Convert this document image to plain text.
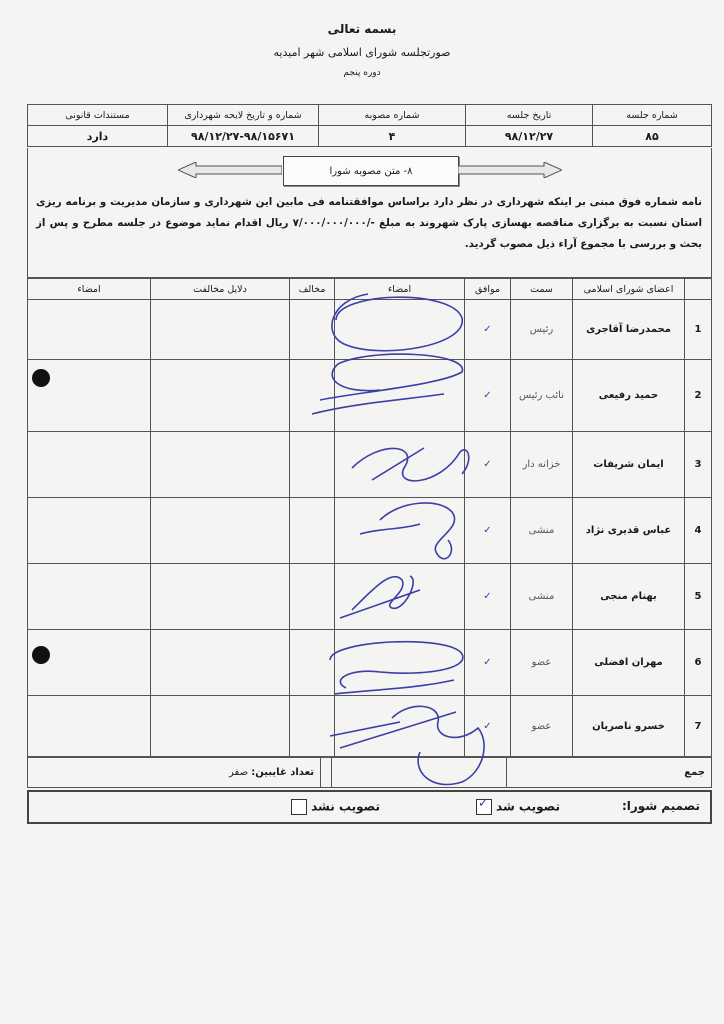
بسمه تعالی
صورتجلسه شورای اسلامی شهر امیدیه
دوره پنجم
شماره جلسه	تاریخ جلسه	شماره مصوبه	شماره و تاریخ لایحه شهرداری	مستندات قانونی
۸۵	۹۸/۱۲/۲۷	۴	۹۸/۱۲/۲۷-۹۸/۱۵۶۷۱	دارد
۸- متن مصوبه شورا
نامه شماره فوق مبنی بر اینکه شهرداری در نظر دارد براساس موافقتنامه فی مابین این شهرداری و سازمان مدیریت و برنامه ریزی استان نسبت به برگزاری مناقصه بهسازی پارک شهروند به مبلغ -/۷/۰۰۰/۰۰۰/۰۰۰ ریال اقدام نماید موضوع در جلسه مطرح و پس از بحث و بررسی با مجموع آراء ذیل مصوب گردید.
	اعضای شورای اسلامی	سمت	موافق	امضاء	مخالف	دلایل مخالفت	امضاء
1	محمدرضا آقاجری	رئیس	✓				
2	حمید رفیعی	نائب رئیس	✓				
3	ایمان شریفات	خزانه دار	✓				
4	عباس قدیری نژاد	منشی	✓				
5	بهنام منجی	منشی	✓				
6	مهران افضلی	عضو	✓				
7	خسرو ناصریان	عضو	✓				
جمع			تعداد غایبین: صفر
تصمیم شورا:
تصویب شد
✓
تصویب نشد
